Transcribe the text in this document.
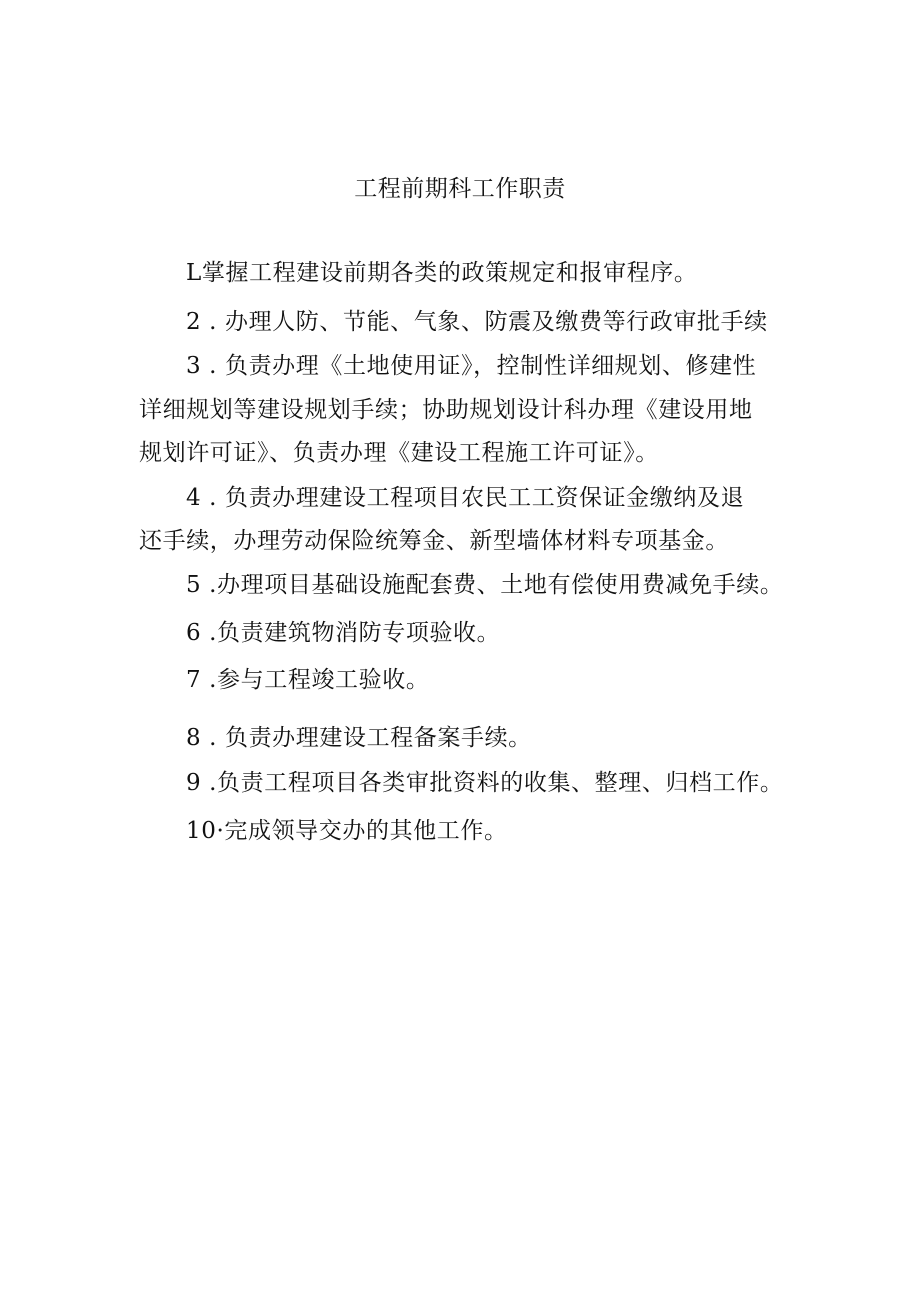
工程前期科工作职责
L掌握工程建设前期各类的政策规定和报审程序。
2 . 办理人防、节能、气象、防震及缴费等行政审批手续
3 . 负责办理《土地使用证》，控制性详细规划、修建性
详细规划等建设规划手续；协助规划设计科办理《建设用地
规划许可证》、负责办理《建设工程施工许可证》。
4 . 负责办理建设工程项目农民工工资保证金缴纳及退
还手续，办理劳动保险统筹金、新型墙体材料专项基金。
5 .办理项目基础设施配套费、土地有偿使用费减免手续。
6 .负责建筑物消防专项验收。
7 .参与工程竣工验收。
8 . 负责办理建设工程备案手续。
9 .负责工程项目各类审批资料的收集、整理、归档工作。
10·完成领导交办的其他工作。
